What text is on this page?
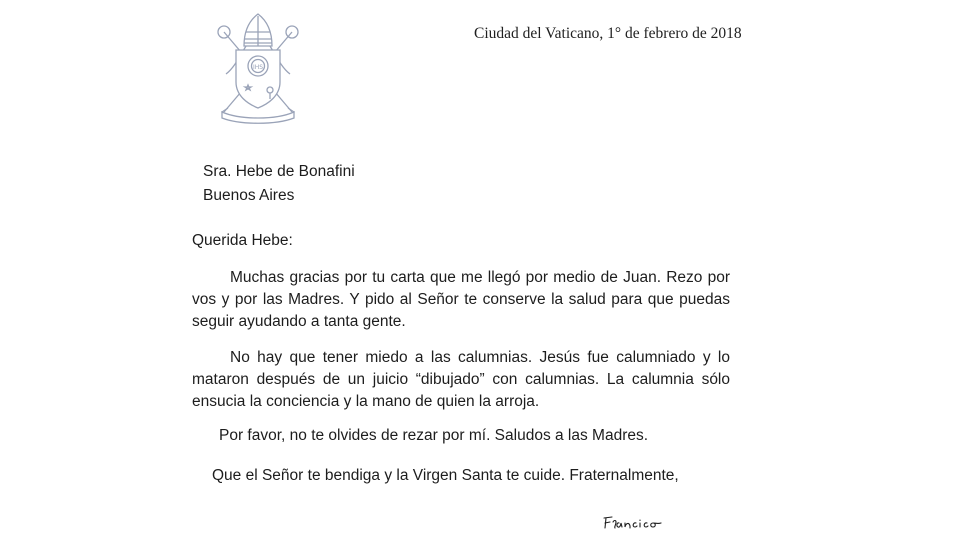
IHS
Ciudad del Vaticano, 1° de febrero de 2018
Sra. Hebe de Bonafini
Buenos Aires
Querida Hebe:

Muchas gracias por tu carta que me llegó por medio de Juan. Rezo por vos y por las Madres. Y pido al Señor te conserve la salud para que puedas seguir ayudando a tanta gente.

No hay que tener miedo a las calumnias. Jesús fue calumniado y lo mataron después de un juicio “dibujado” con calumnias. La calumnia sólo ensucia la conciencia y la mano de quien la arroja.

Por favor, no te olvides de rezar por mí. Saludos a las Madres.

Que el Señor te bendiga y la Virgen Santa te cuide. Fraternalmente,
